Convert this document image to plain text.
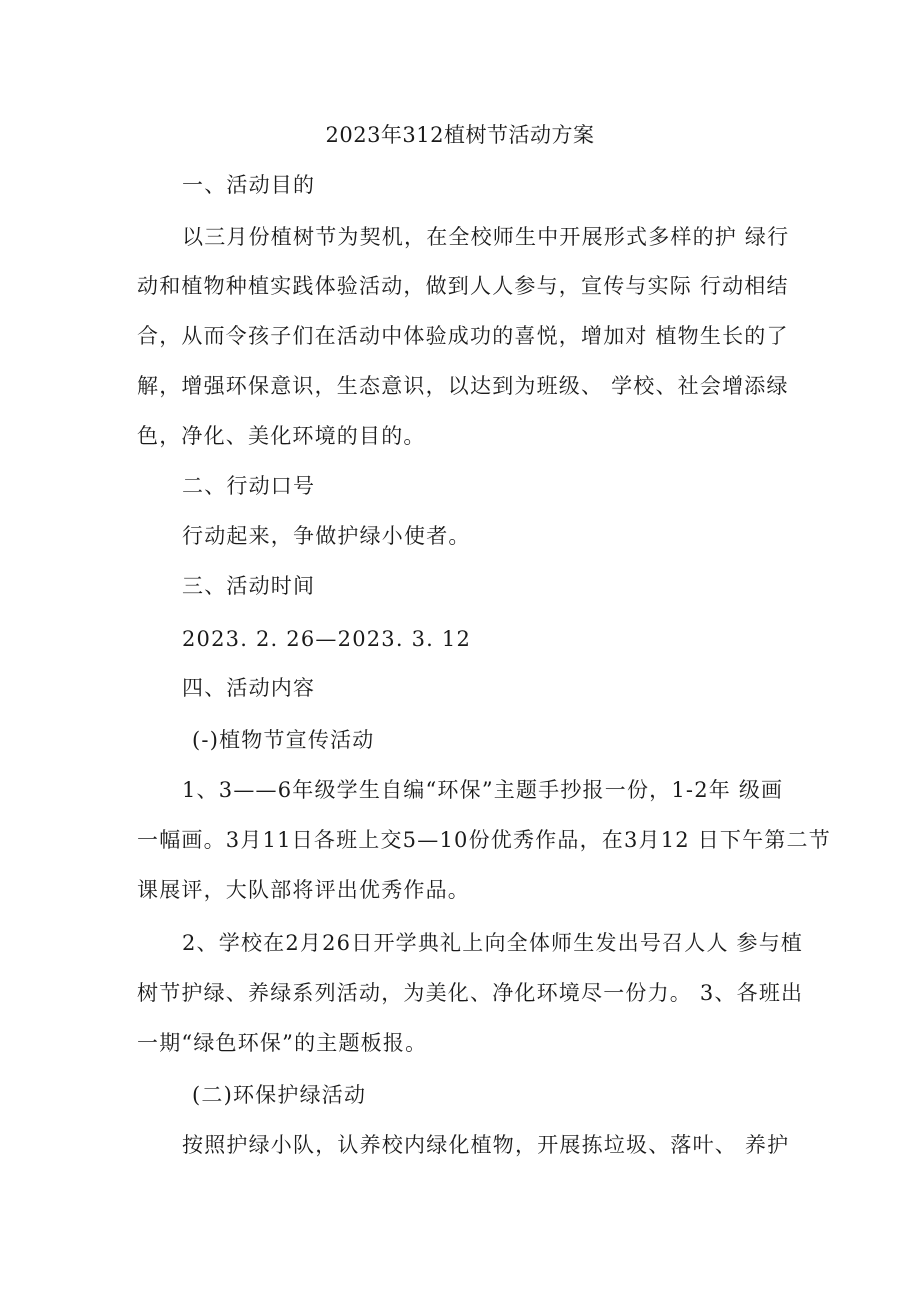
2023年312植树节活动方案
一、活动目的
以三月份植树节为契机，在全校师生中开展形式多样的护 绿行
动和植物种植实践体验活动，做到人人参与，宣传与实际 行动相结
合，从而令孩子们在活动中体验成功的喜悦，增加对 植物生长的了
解，增强环保意识，生态意识，以达到为班级、 学校、社会增添绿
色，净化、美化环境的目的。
二、行动口号
行动起来，争做护绿小使者。
三、活动时间
2023. 2. 26—2023. 3. 12
四、活动内容
(-)植物节宣传活动
1、3——6年级学生自编“环保”主题手抄报一份，1-2年 级画
一幅画。3月11日各班上交5—10份优秀作品，在3月12 日下午第二节
课展评，大队部将评出优秀作品。
2、学校在2月26日开学典礼上向全体师生发出号召人人 参与植
树节护绿、养绿系列活动，为美化、净化环境尽一份力。 3、各班出
一期“绿色环保”的主题板报。
(二)环保护绿活动
按照护绿小队，认养校内绿化植物，开展拣垃圾、落叶、 养护
